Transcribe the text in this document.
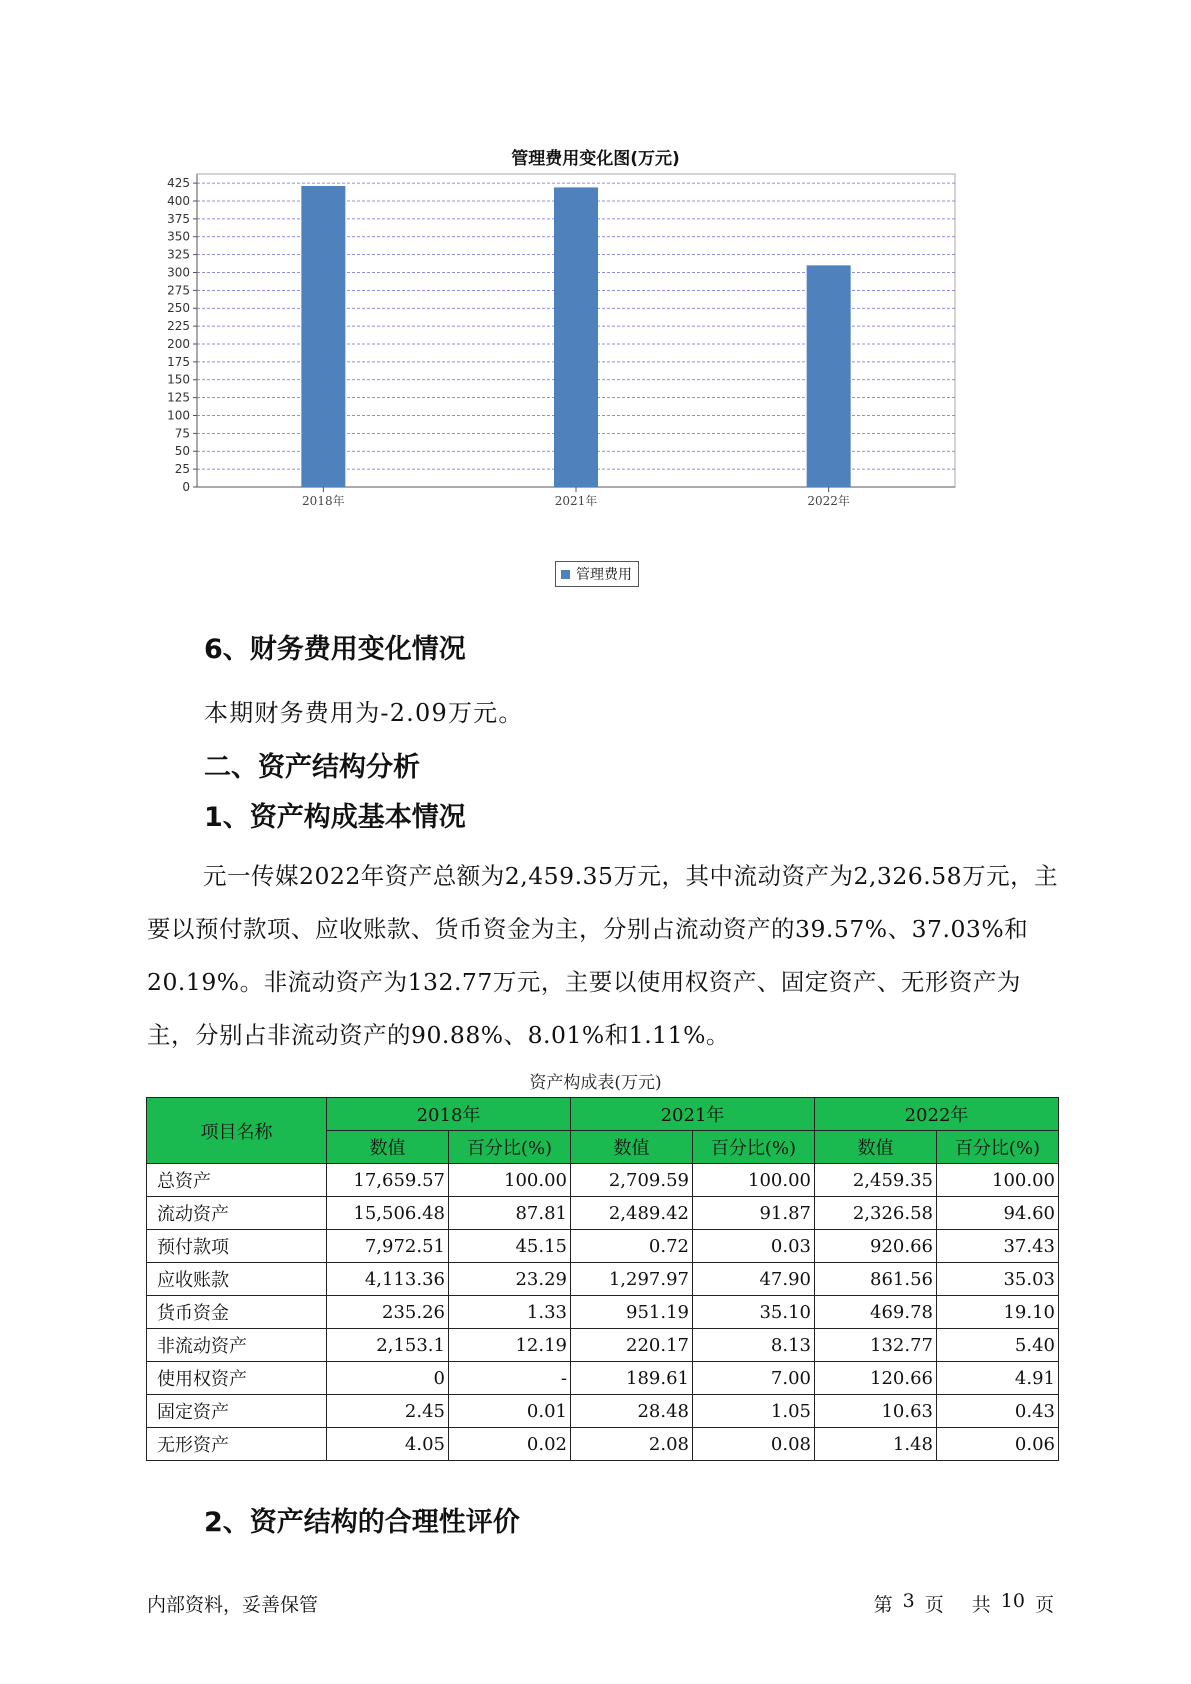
管理费用变化图(万元)
0
25
50
75
100
125
150
175
200
225
250
275
300
325
350
375
400
425
2018年	2021年	2022年
管理费用
6、财务费用变化情况
本期财务费用为-2.09万元。
二、资产结构分析
1、资产构成基本情况
元一传媒2022年资产总额为2,459.35万元，其中流动资产为2,326.58万元，主要以预付款项、应收账款、货币资金为主，分别占流动资产的39.57%、37.03%和20.19%。非流动资产为132.77万元，主要以使用权资产、固定资产、无形资产为主，分别占非流动资产的90.88%、8.01%和1.11%。
资产构成表(万元)
项目名称	2018年		2021年		2022年	
	数值	百分比(%)	数值	百分比(%)	数值	百分比(%)
总资产	17,659.57	100.00	2,709.59	100.00	2,459.35	100.00
流动资产	15,506.48	87.81	2,489.42	91.87	2,326.58	94.60
预付款项	7,972.51	45.15	0.72	0.03	920.66	37.43
应收账款	4,113.36	23.29	1,297.97	47.90	861.56	35.03
货币资金	235.26	1.33	951.19	35.10	469.78	19.10
非流动资产	2,153.1	12.19	220.17	8.13	132.77	5.40
使用权资产	0	-	189.61	7.00	120.66	4.91
固定资产	2.45	0.01	28.48	1.05	10.63	0.43
无形资产	4.05	0.02	2.08	0.08	1.48	0.06
2、资产结构的合理性评价
内部资料，妥善保管	第 3 页 共 10 页
